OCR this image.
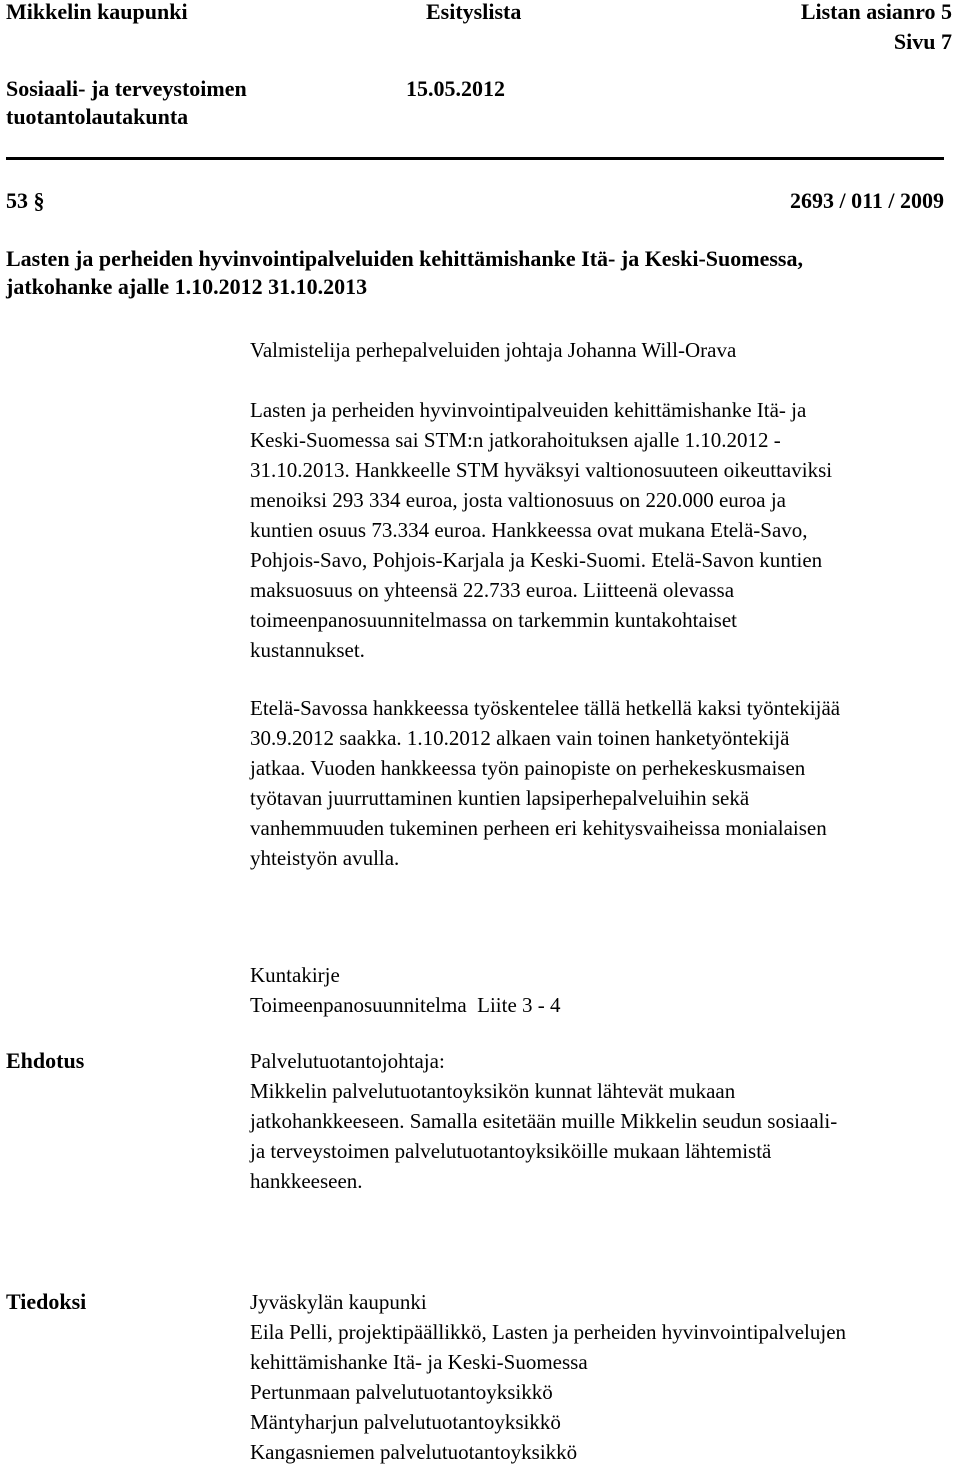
Mikkelin kaupunki	Esityslista	Listan asianro 5
Sivu 7
Sosiaali- ja terveystoimen
tuotantolautakunta
15.05.2012
53 §	2693 / 011 / 2009
Lasten ja perheiden hyvinvointipalveluiden kehittämishanke Itä- ja Keski-Suomessa,
jatkohanke ajalle 1.10.2012 31.10.2013
Valmistelija perhepalveluiden johtaja Johanna Will-Orava
Lasten ja perheiden hyvinvointipalveuiden kehittämishanke Itä- ja
Keski-Suomessa sai STM:n jatkorahoituksen ajalle 1.10.2012 -
31.10.2013. Hankkeelle STM hyväksyi valtionosuuteen oikeuttaviksi
menoiksi 293 334 euroa, josta valtionosuus on 220.000 euroa ja
kuntien osuus 73.334 euroa. Hankkeessa ovat mukana Etelä-Savo,
Pohjois-Savo, Pohjois-Karjala ja Keski-Suomi. Etelä-Savon kuntien
maksuosuus on yhteensä 22.733 euroa. Liitteenä olevassa
toimeenpanosuunnitelmassa on tarkemmin kuntakohtaiset
kustannukset.
Etelä-Savossa hankkeessa työskentelee tällä hetkellä kaksi työntekijää
30.9.2012 saakka. 1.10.2012 alkaen vain toinen hanketyöntekijä
jatkaa. Vuoden hankkeessa työn painopiste on perhekeskusmaisen
työtavan juurruttaminen kuntien lapsiperhepalveluihin sekä
vanhemmuuden tukeminen perheen eri kehitysvaiheissa monialaisen
yhteistyön avulla.
Kuntakirje
Toimeenpanosuunnitelma  Liite 3 - 4
Ehdotus	Palvelutuotantojohtaja:
Mikkelin palvelutuotantoyksikön kunnat lähtevät mukaan
jatkohankkeeseen. Samalla esitetään muille Mikkelin seudun sosiaali-
ja terveystoimen palvelutuotantoyksiköille mukaan lähtemistä
hankkeeseen.
Tiedoksi	Jyväskylän kaupunki
Eila Pelli, projektipäällikkö, Lasten ja perheiden hyvinvointipalvelujen
kehittämishanke Itä- ja Keski-Suomessa
Pertunmaan palvelutuotantoyksikkö
Mäntyharjun palvelutuotantoyksikkö
Kangasniemen palvelutuotantoyksikkö
